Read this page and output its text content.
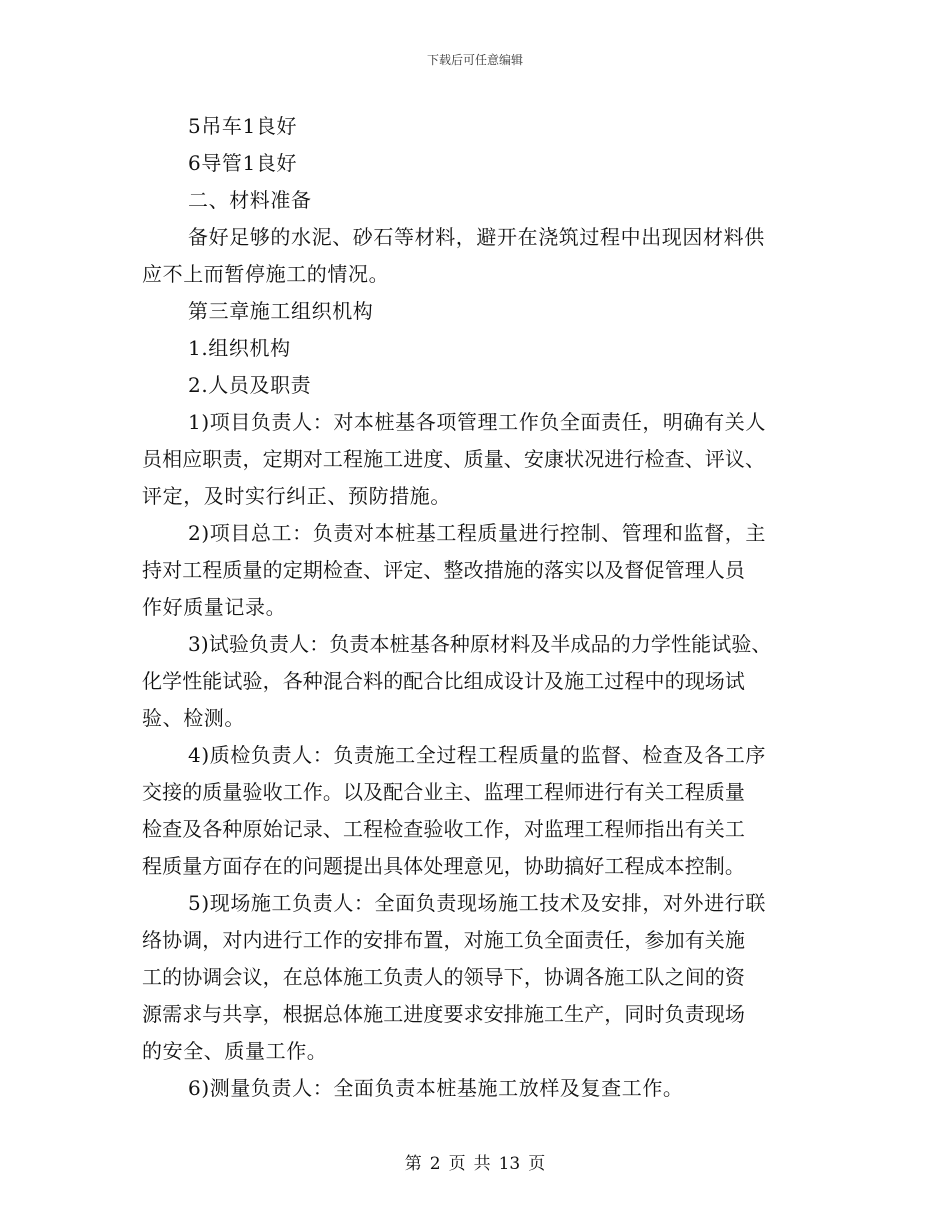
下载后可任意编辑
5吊车1良好
6导管1良好
二、材料准备
备好足够的水泥、砂石等材料，避开在浇筑过程中出现因材料供
应不上而暂停施工的情况。
第三章施工组织机构
1.组织机构
2.人员及职责
1)项目负责人：对本桩基各项管理工作负全面责任，明确有关人
员相应职责，定期对工程施工进度、质量、安康状况进行检查、评议、
评定，及时实行纠正、预防措施。
2)项目总工：负责对本桩基工程质量进行控制、管理和监督，主
持对工程质量的定期检查、评定、整改措施的落实以及督促管理人员
作好质量记录。
3)试验负责人：负责本桩基各种原材料及半成品的力学性能试验、
化学性能试验，各种混合料的配合比组成设计及施工过程中的现场试
验、检测。
4)质检负责人：负责施工全过程工程质量的监督、检查及各工序
交接的质量验收工作。以及配合业主、监理工程师进行有关工程质量
检查及各种原始记录、工程检查验收工作，对监理工程师指出有关工
程质量方面存在的问题提出具体处理意见，协助搞好工程成本控制。
5)现场施工负责人：全面负责现场施工技术及安排，对外进行联
络协调，对内进行工作的安排布置，对施工负全面责任，参加有关施
工的协调会议，在总体施工负责人的领导下，协调各施工队之间的资
源需求与共享，根据总体施工进度要求安排施工生产，同时负责现场
的安全、质量工作。
6)测量负责人：全面负责本桩基施工放样及复查工作。
第 2 页 共 13 页
